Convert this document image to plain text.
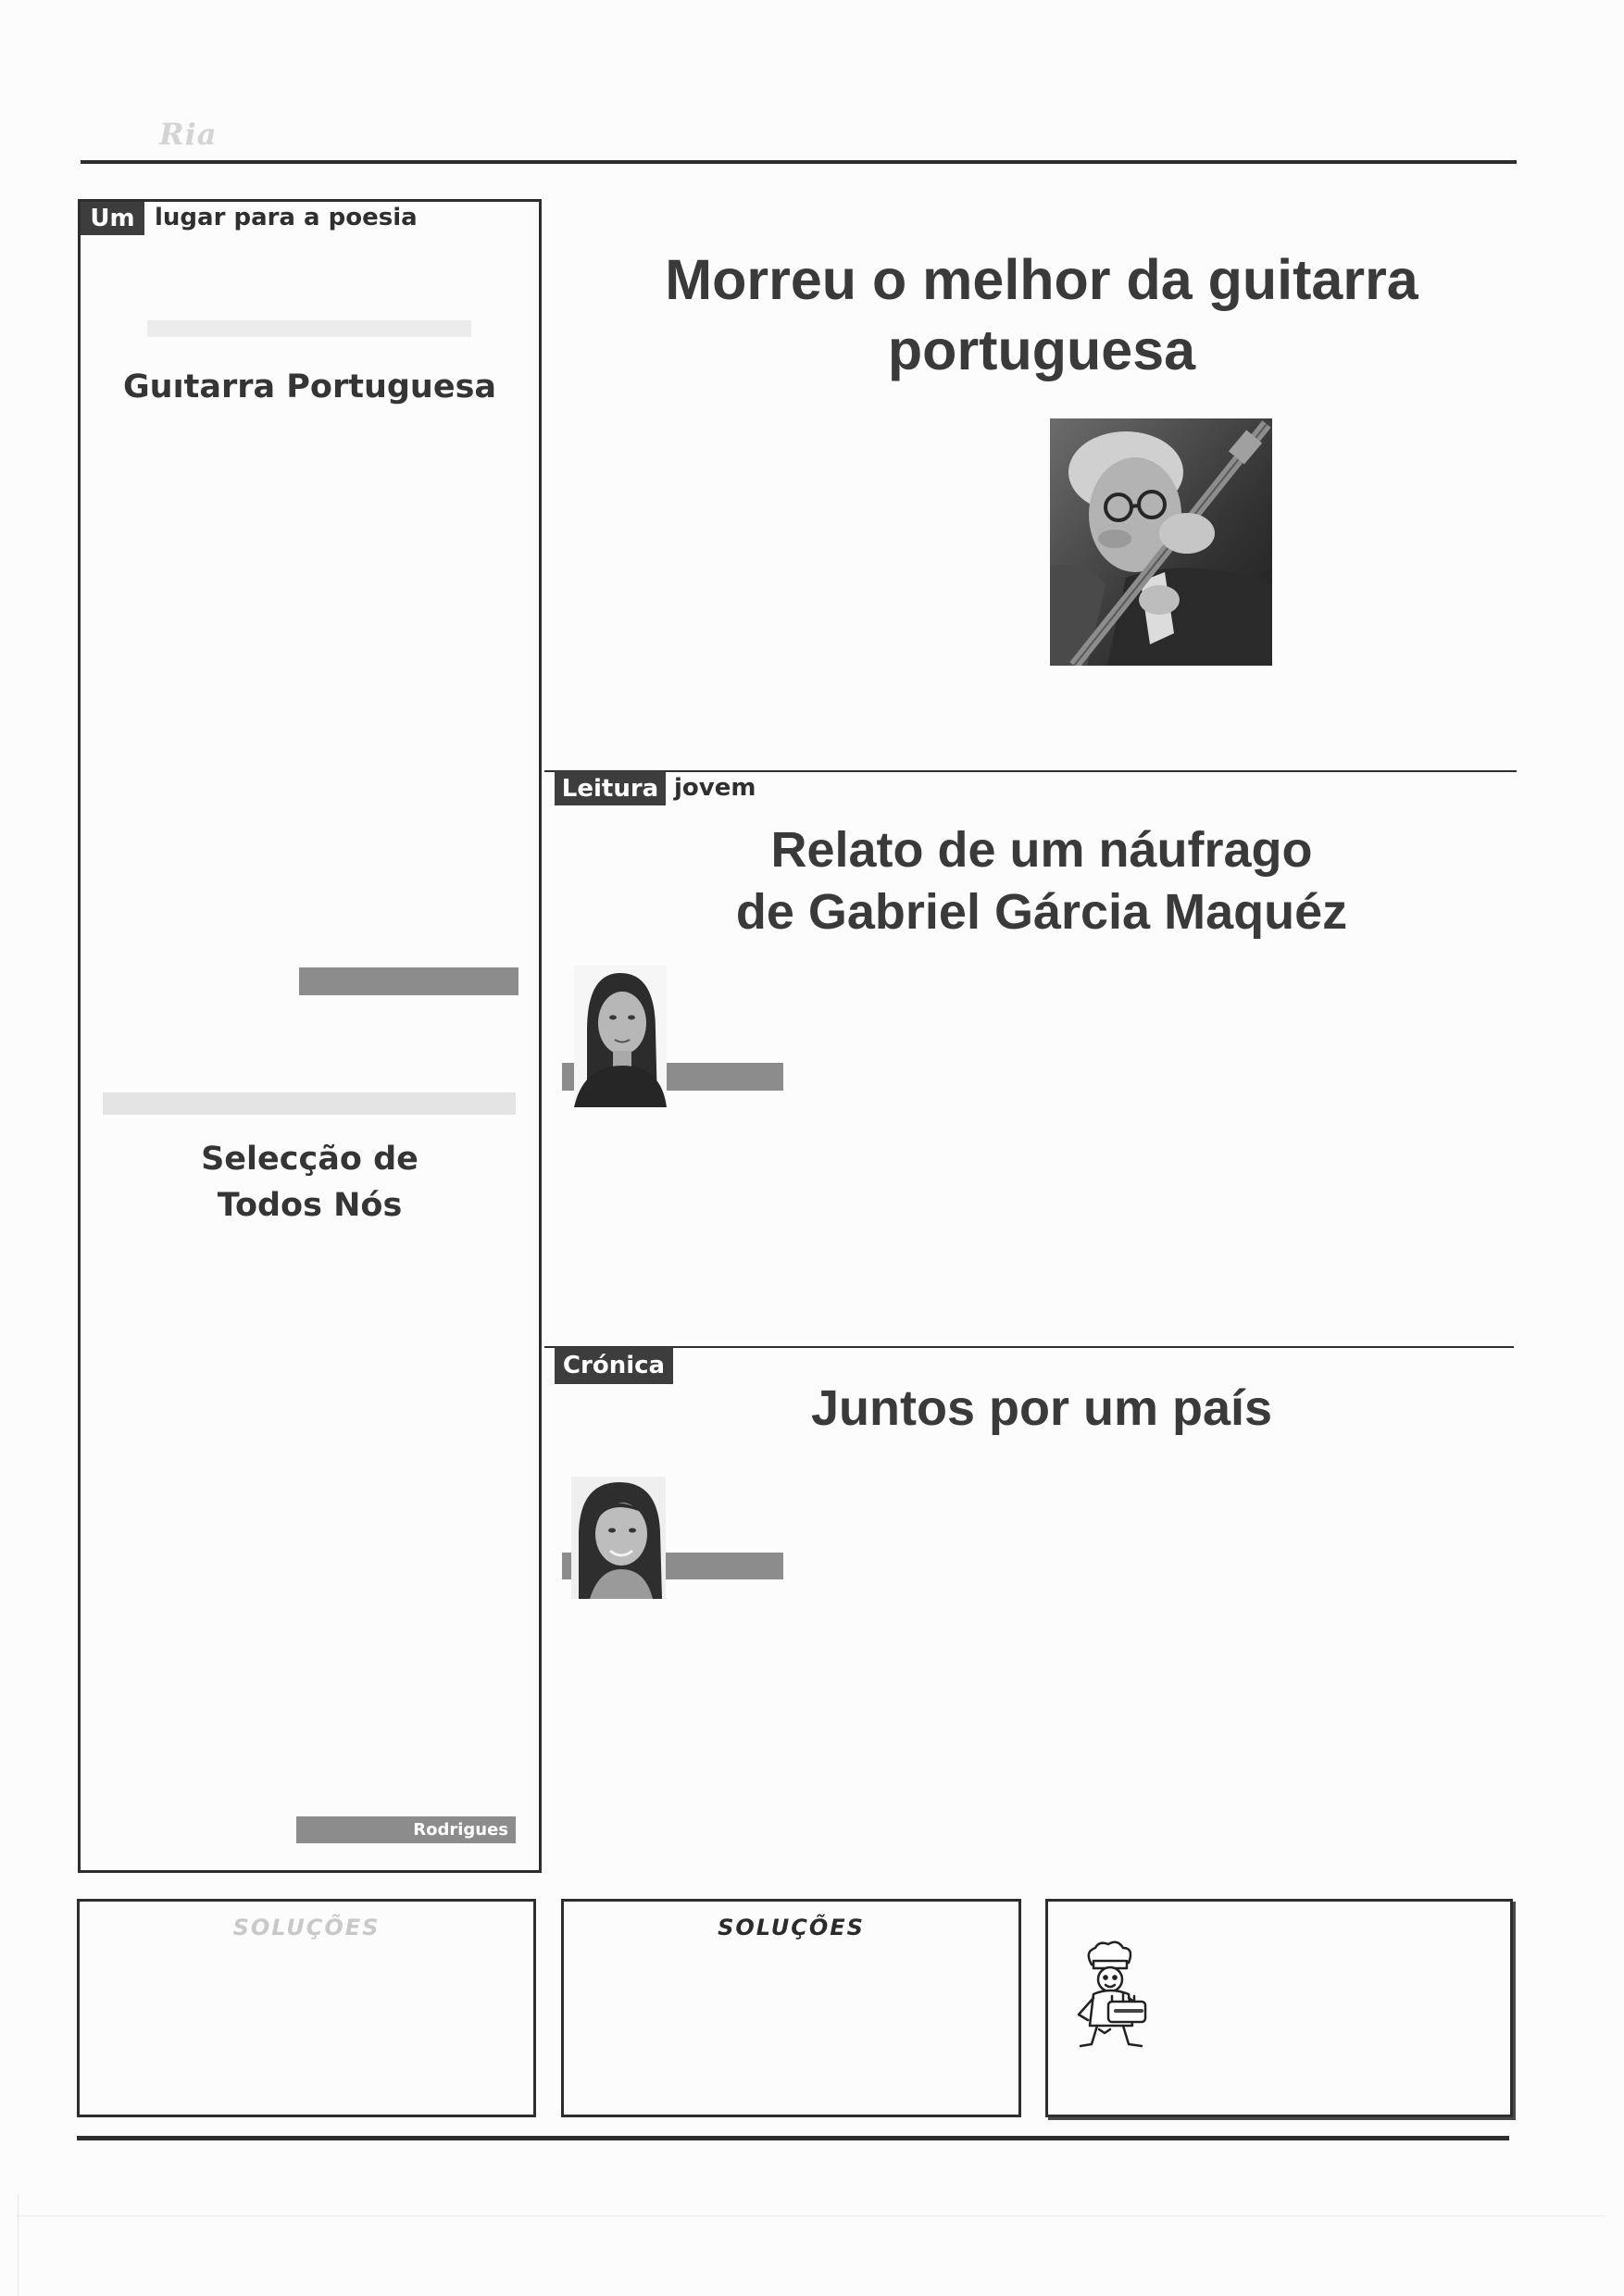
Ria
Um lugar para a poesia
Guıtarra Portuguesa
Selecção de
Todos Nós
Rodrigues
Morreu o melhor da guitarra
portuguesa
Leitura jovem
Relato de um náufrago
de Gabriel Gárcia Maquéz
Crónica
Juntos por um país
SOLUÇÕES	SOLUÇÕES
